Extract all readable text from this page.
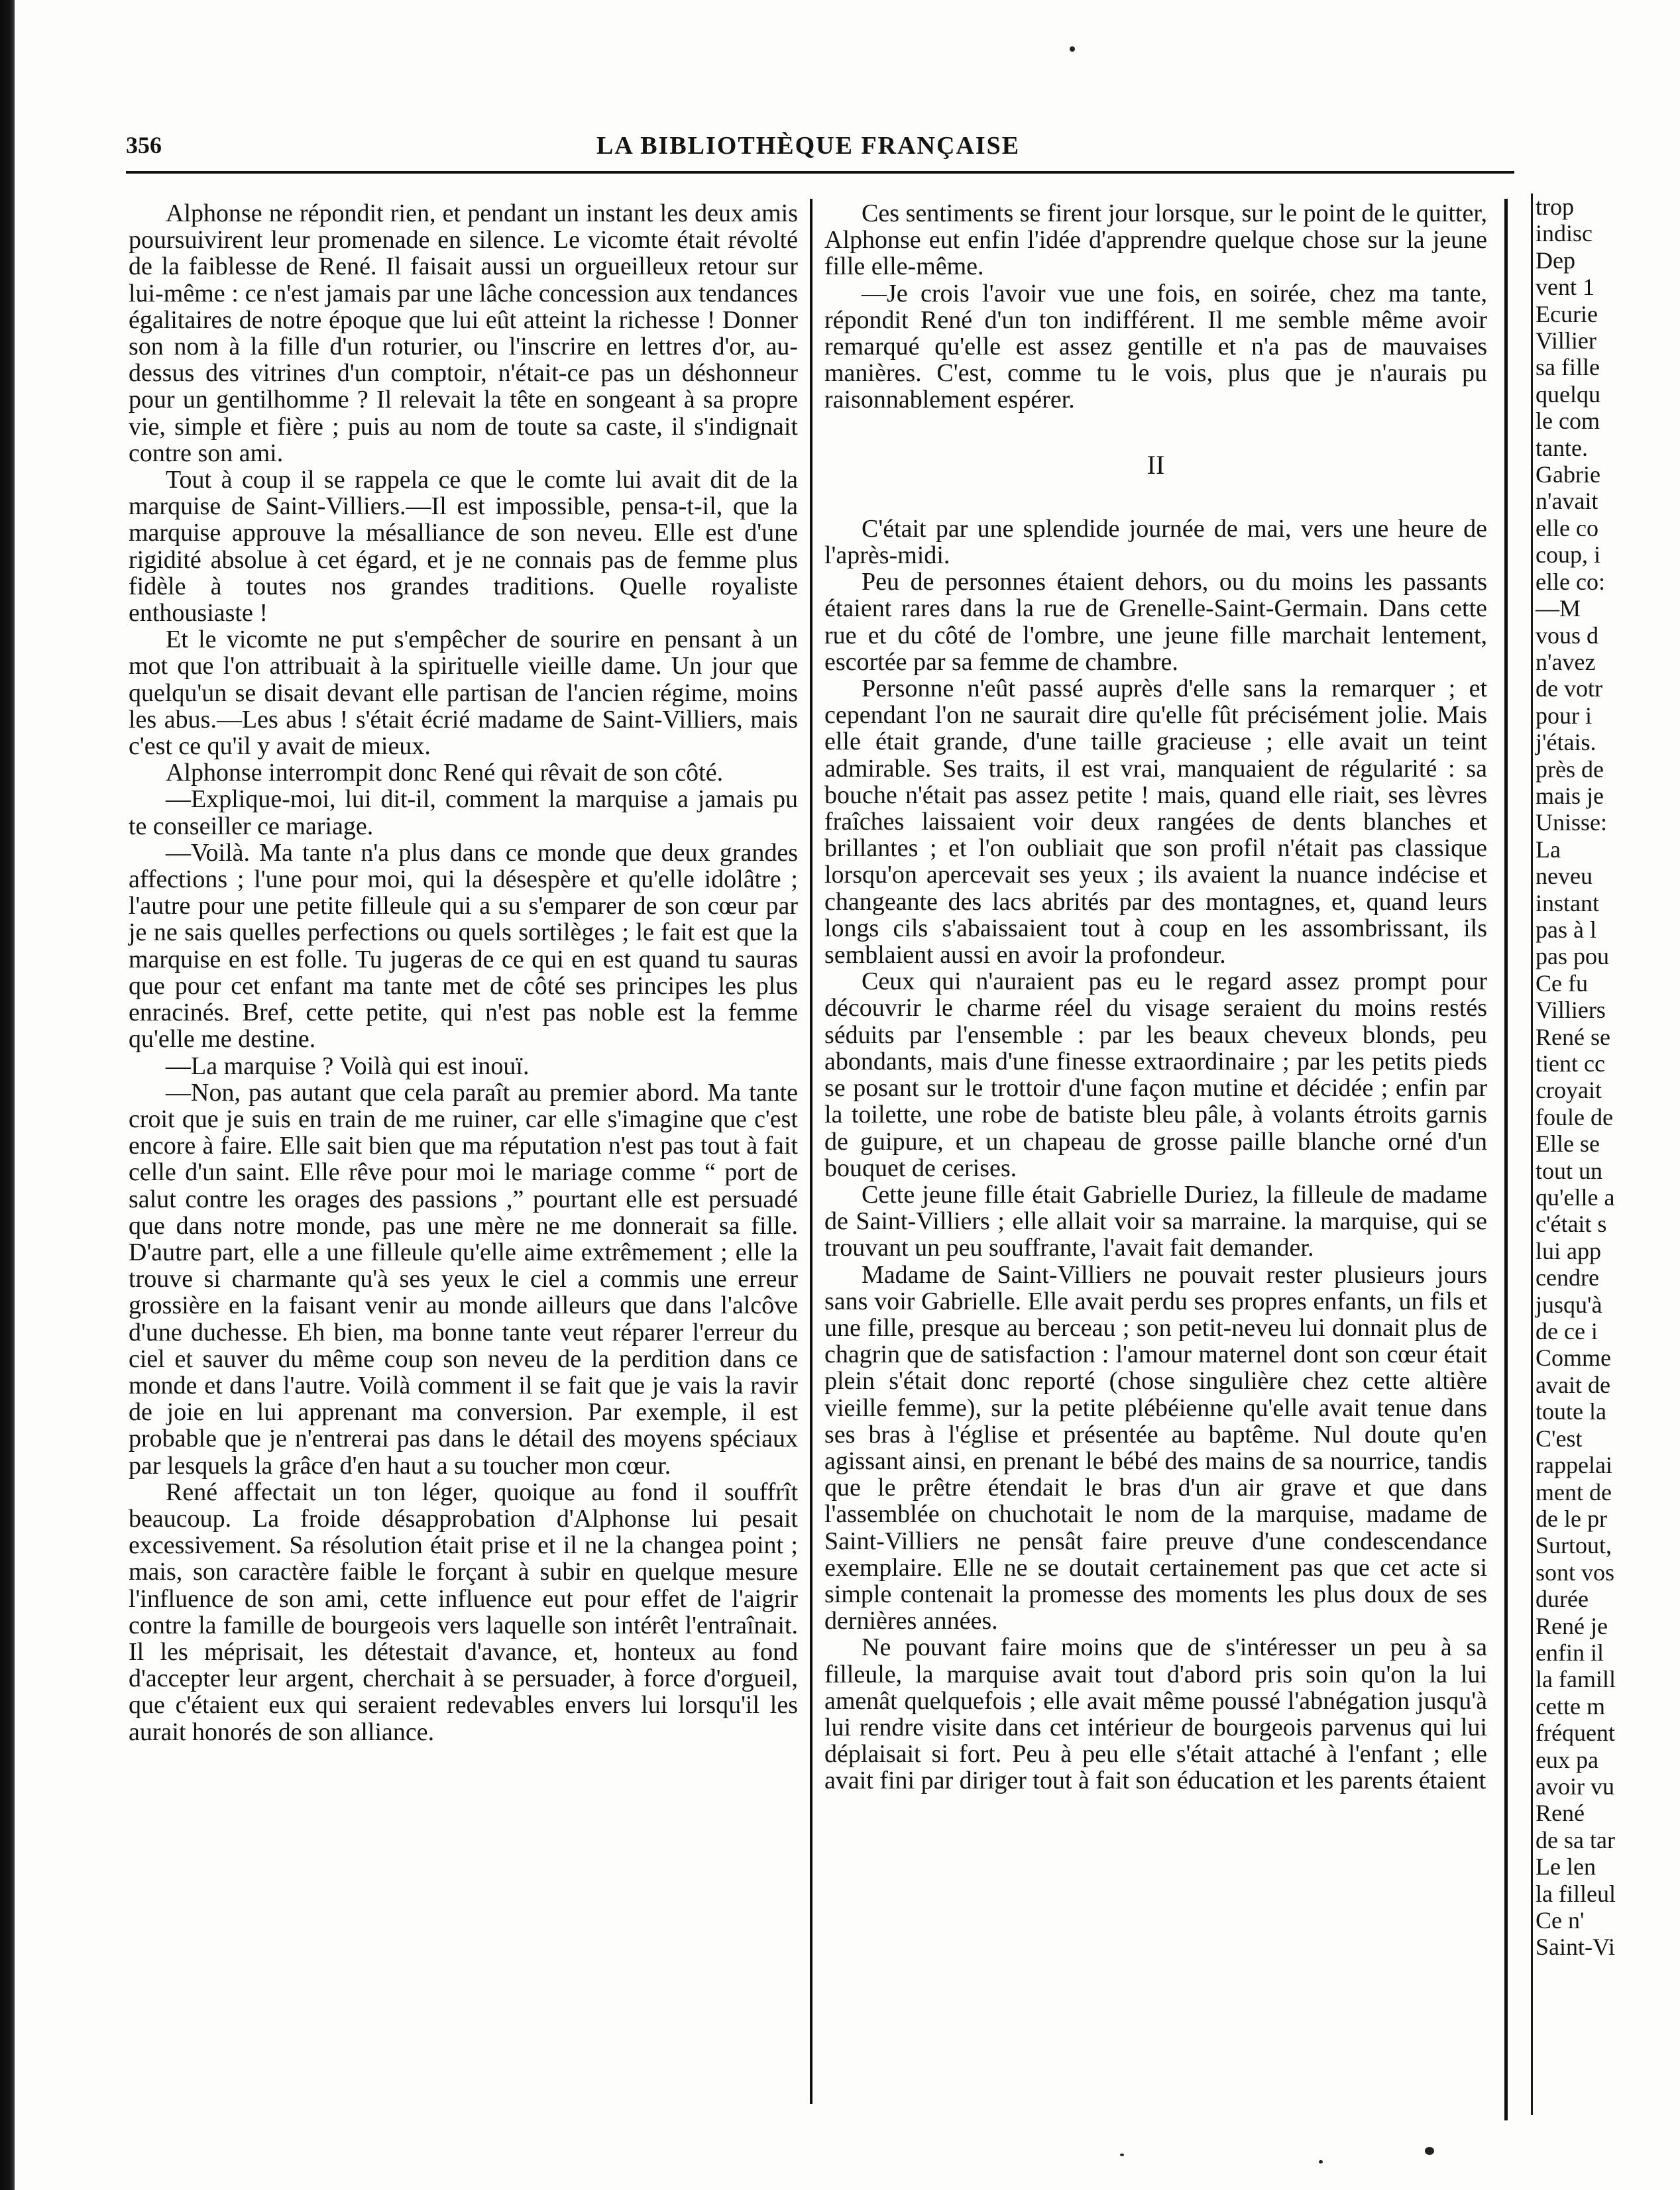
356	LA BIBLIOTHÈQUE FRANÇAISE

Alphonse ne répondit rien, et pendant un instant les deux amis poursuivirent leur promenade en silence. Le vicomte était révolté de la faiblesse de René. Il faisait aussi un orgueilleux retour sur lui-même : ce n'est jamais par une lâche concession aux tendances égalitaires de notre époque que lui eût atteint la richesse ! Donner son nom à la fille d'un roturier, ou l'inscrire en lettres d'or, au-dessus des vitrines d'un comptoir, n'était-ce pas un déshonneur pour un gentilhomme ? Il relevait la tête en songeant à sa propre vie, simple et fière ; puis au nom de toute sa caste, il s'indignait contre son ami.

Tout à coup il se rappela ce que le comte lui avait dit de la marquise de Saint-Villiers.—Il est impossible, pensa-t-il, que la marquise approuve la mésalliance de son neveu. Elle est d'une rigidité absolue à cet égard, et je ne connais pas de femme plus fidèle à toutes nos grandes traditions. Quelle royaliste enthousiaste !

Et le vicomte ne put s'empêcher de sourire en pensant à un mot que l'on attribuait à la spirituelle vieille dame. Un jour que quelqu'un se disait devant elle partisan de l'ancien régime, moins les abus.—Les abus ! s'était écrié madame de Saint-Villiers, mais c'est ce qu'il y avait de mieux.

Alphonse interrompit donc René qui rêvait de son côté.

—Explique-moi, lui dit-il, comment la marquise a jamais pu te conseiller ce mariage.

—Voilà. Ma tante n'a plus dans ce monde que deux grandes affections ; l'une pour moi, qui la désespère et qu'elle idolâtre ; l'autre pour une petite filleule qui a su s'emparer de son cœur par je ne sais quelles perfections ou quels sortilèges ; le fait est que la marquise en est folle. Tu jugeras de ce qui en est quand tu sauras que pour cet enfant ma tante met de côté ses principes les plus enracinés. Bref, cette petite, qui n'est pas noble est la femme qu'elle me destine.

—La marquise ? Voilà qui est inouï.

—Non, pas autant que cela paraît au premier abord. Ma tante croit que je suis en train de me ruiner, car elle s'imagine que c'est encore à faire. Elle sait bien que ma réputation n'est pas tout à fait celle d'un saint. Elle rêve pour moi le mariage comme “ port de salut contre les orages des passions ,” pourtant elle est persuadé que dans notre monde, pas une mère ne me donnerait sa fille. D'autre part, elle a une filleule qu'elle aime extrêmement ; elle la trouve si charmante qu'à ses yeux le ciel a commis une erreur grossière en la faisant venir au monde ailleurs que dans l'alcôve d'une duchesse. Eh bien, ma bonne tante veut réparer l'erreur du ciel et sauver du même coup son neveu de la perdition dans ce monde et dans l'autre. Voilà comment il se fait que je vais la ravir de joie en lui apprenant ma conversion. Par exemple, il est probable que je n'entrerai pas dans le détail des moyens spéciaux par lesquels la grâce d'en haut a su toucher mon cœur.

René affectait un ton léger, quoique au fond il souffrît beaucoup. La froide désapprobation d'Alphonse lui pesait excessivement. Sa résolution était prise et il ne la changea point ; mais, son caractère faible le forçant à subir en quelque mesure l'influence de son ami, cette influence eut pour effet de l'aigrir contre la famille de bourgeois vers laquelle son intérêt l'entraînait. Il les méprisait, les détestait d'avance, et, honteux au fond d'accepter leur argent, cherchait à se persuader, à force d'orgueil, que c'étaient eux qui seraient redevables envers lui lorsqu'il les aurait honorés de son alliance.

Ces sentiments se firent jour lorsque, sur le point de le quitter, Alphonse eut enfin l'idée d'apprendre quelque chose sur la jeune fille elle-même.

—Je crois l'avoir vue une fois, en soirée, chez ma tante, répondit René d'un ton indifférent. Il me semble même avoir remarqué qu'elle est assez gentille et n'a pas de mauvaises manières. C'est, comme tu le vois, plus que je n'aurais pu raisonnablement espérer.

II

C'était par une splendide journée de mai, vers une heure de l'après-midi.

Peu de personnes étaient dehors, ou du moins les passants étaient rares dans la rue de Grenelle-Saint-Germain. Dans cette rue et du côté de l'ombre, une jeune fille marchait lentement, escortée par sa femme de chambre.

Personne n'eût passé auprès d'elle sans la remarquer ; et cependant l'on ne saurait dire qu'elle fût précisément jolie. Mais elle était grande, d'une taille gracieuse ; elle avait un teint admirable. Ses traits, il est vrai, manquaient de régularité : sa bouche n'était pas assez petite ! mais, quand elle riait, ses lèvres fraîches laissaient voir deux rangées de dents blanches et brillantes ; et l'on oubliait que son profil n'était pas classique lorsqu'on apercevait ses yeux ; ils avaient la nuance indécise et changeante des lacs abrités par des montagnes, et, quand leurs longs cils s'abaissaient tout à coup en les assombrissant, ils semblaient aussi en avoir la profondeur.

Ceux qui n'auraient pas eu le regard assez prompt pour découvrir le charme réel du visage seraient du moins restés séduits par l'ensemble : par les beaux cheveux blonds, peu abondants, mais d'une finesse extraordinaire ; par les petits pieds se posant sur le trottoir d'une façon mutine et décidée ; enfin par la toilette, une robe de batiste bleu pâle, à volants étroits garnis de guipure, et un chapeau de grosse paille blanche orné d'un bouquet de cerises.

Cette jeune fille était Gabrielle Duriez, la filleule de madame de Saint-Villiers ; elle allait voir sa marraine. la marquise, qui se trouvant un peu souffrante, l'avait fait demander.

Madame de Saint-Villiers ne pouvait rester plusieurs jours sans voir Gabrielle. Elle avait perdu ses propres enfants, un fils et une fille, presque au berceau ; son petit-neveu lui donnait plus de chagrin que de satisfaction : l'amour maternel dont son cœur était plein s'était donc reporté (chose singulière chez cette altière vieille femme), sur la petite plébéienne qu'elle avait tenue dans ses bras à l'église et présentée au baptême. Nul doute qu'en agissant ainsi, en prenant le bébé des mains de sa nourrice, tandis que le prêtre étendait le bras d'un air grave et que dans l'assemblée on chuchotait le nom de la marquise, madame de Saint-Villiers ne pensât faire preuve d'une condescendance exemplaire. Elle ne se doutait certainement pas que cet acte si simple contenait la promesse des moments les plus doux de ses dernières années.

Ne pouvant faire moins que de s'intéresser un peu à sa filleule, la marquise avait tout d'abord pris soin qu'on la lui amenât quelquefois ; elle avait même poussé l'abnégation jusqu'à lui rendre visite dans cet intérieur de bourgeois parvenus qui lui déplaisait si fort. Peu à peu elle s'était attaché à l'enfant ; elle avait fini par diriger tout à fait son éducation et les parents étaient

trop
indisc
Dep
vent 1
Ecurie
Villier
sa fille
quelqu
le com
tante.
Gabrie
n'avait
elle co
coup, i
elle co:
—M
vous d
n'avez
de votr
pour i
j'étais.
près de
mais je
Unisse:
La
neveu
instant
pas à l
pas pou
Ce fu
Villiers
René se
tient cc
croyait
foule de
Elle se
tout un
qu'elle a
c'était s
lui app
cendre
jusqu'à
de ce i
Comme
avait de
toute la
C'est
rappelai
ment de
de le pr
Surtout,
sont vos
durée
René je
enfin il
la famill
cette m
fréquent
eux pa
avoir vu
René
de sa tar
Le len
la filleul
Ce n'
Saint-Vi
